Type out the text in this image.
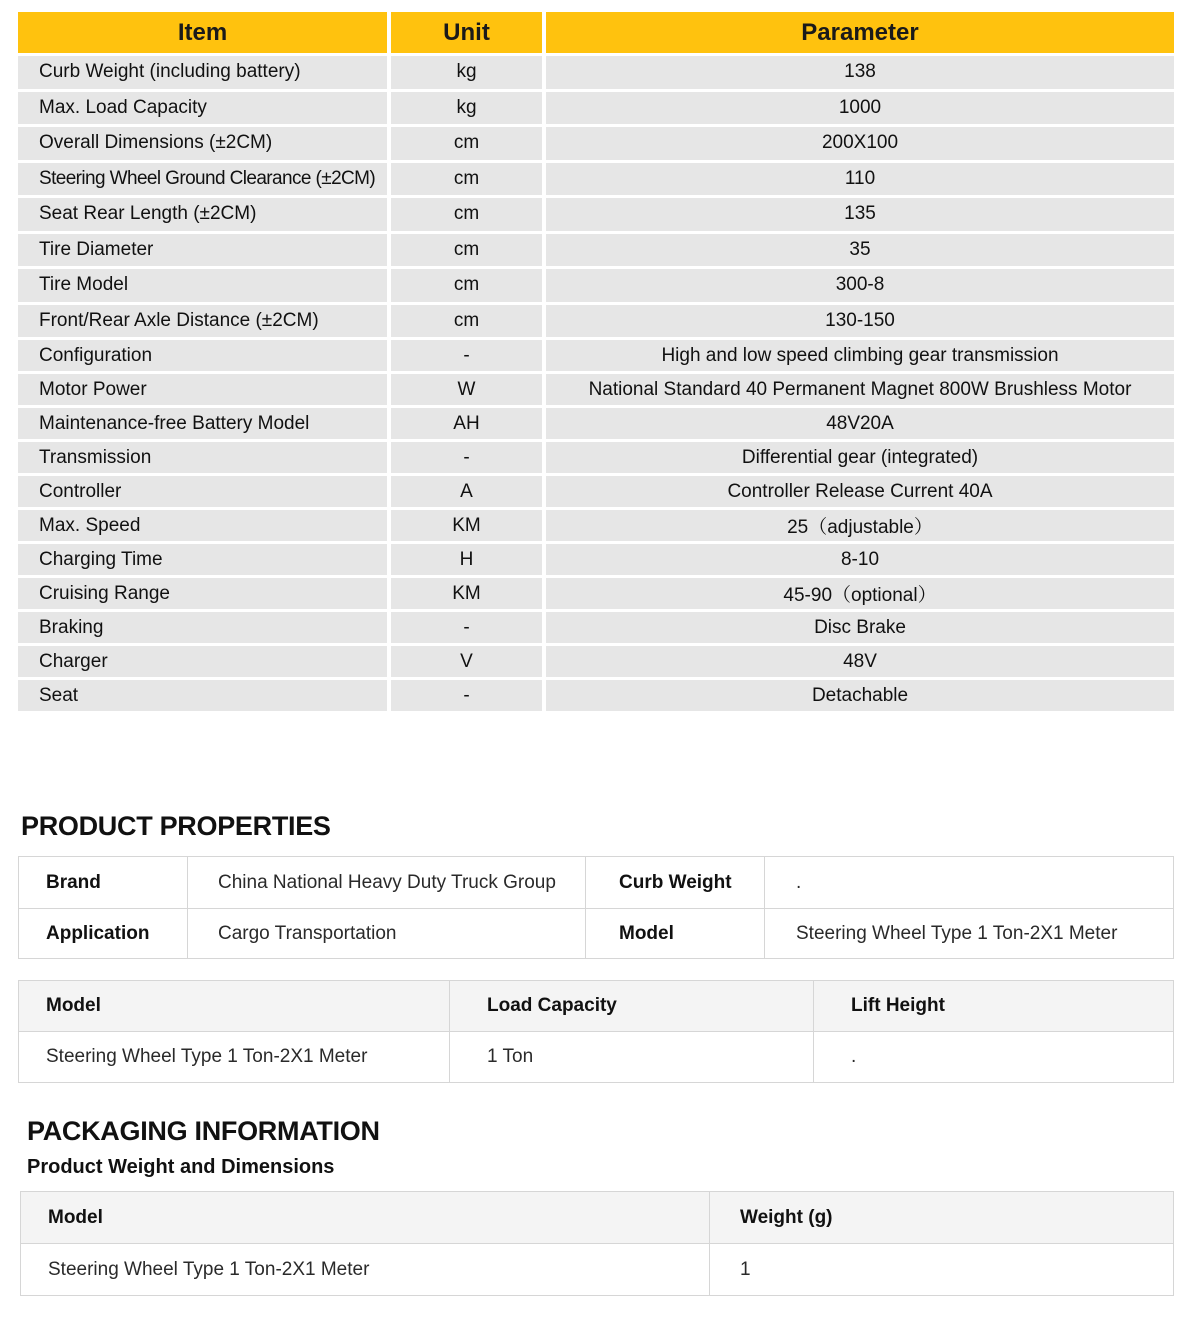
Item	Unit	Parameter
Curb Weight (including battery)	kg	138
Max. Load Capacity	kg	1000
Overall Dimensions (±2CM)	cm	200X100
Steering Wheel Ground Clearance (±2CM)	cm	110
Seat Rear Length (±2CM)	cm	135
Tire Diameter	cm	35
Tire Model	cm	300-8
Front/Rear Axle Distance (±2CM)	cm	130-150
Configuration	-	High and low speed climbing gear transmission
Motor Power	W	National Standard 40 Permanent Magnet 800W Brushless Motor
Maintenance-free Battery Model	AH	48V20A
Transmission	-	Differential gear (integrated)
Controller	A	Controller Release Current 40A
Max. Speed	KM	25（adjustable）
Charging Time	H	8-10
Cruising Range	KM	45-90（optional）
Braking	-	Disc Brake
Charger	V	48V
Seat	-	Detachable
PRODUCT PROPERTIES
Brand	China National Heavy Duty Truck Group	Curb Weight	.
Application	Cargo Transportation	Model	Steering Wheel Type 1 Ton-2X1 Meter
Model	Load Capacity	Lift Height
Steering Wheel Type 1 Ton-2X1 Meter	1 Ton	.
PACKAGING INFORMATION
Product Weight and Dimensions
Model	Weight (g)
Steering Wheel Type 1 Ton-2X1 Meter	1
